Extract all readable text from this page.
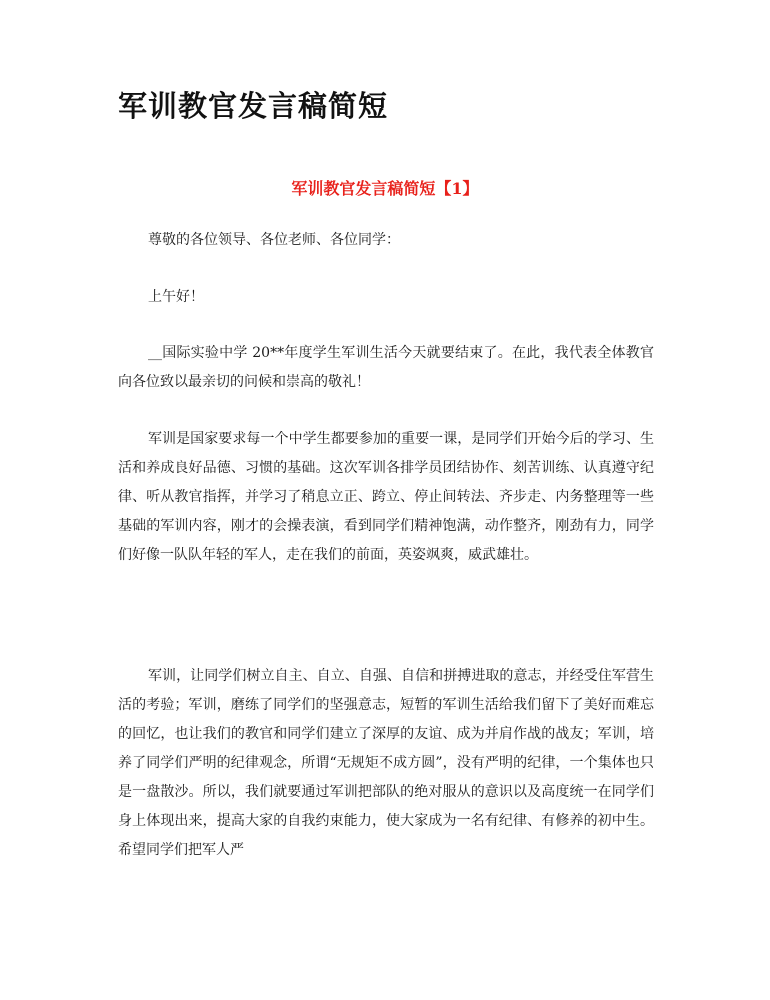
军训教官发言稿简短
军训教官发言稿简短【1】

尊敬的各位领导、各位老师、各位同学：

上午好！

__国际实验中学 20**年度学生军训生活今天就要结束了。在此，我代表全体教官向各位致以最亲切的问候和崇高的敬礼！

军训是国家要求每一个中学生都要参加的重要一课，是同学们开始今后的学习、生活和养成良好品德、习惯的基础。这次军训各排学员团结协作、刻苦训练、认真遵守纪律、听从教官指挥，并学习了稍息立正、跨立、停止间转法、齐步走、内务整理等一些基础的军训内容，刚才的会操表演，看到同学们精神饱满，动作整齐，刚劲有力，同学们好像一队队年轻的军人，走在我们的前面，英姿飒爽，威武雄壮。

军训，让同学们树立自主、自立、自强、自信和拼搏进取的意志，并经受住军营生活的考验；军训，磨练了同学们的坚强意志，短暂的军训生活给我们留下了美好而难忘的回忆，也让我们的教官和同学们建立了深厚的友谊、成为并肩作战的战友；军训，培养了同学们严明的纪律观念，所谓“无规矩不成方圆”，没有严明的纪律，一个集体也只是一盘散沙。所以，我们就要通过军训把部队的绝对服从的意识以及高度统一在同学们身上体现出来，提高大家的自我约束能力，使大家成为一名有纪律、有修养的初中生。希望同学们把军人严
